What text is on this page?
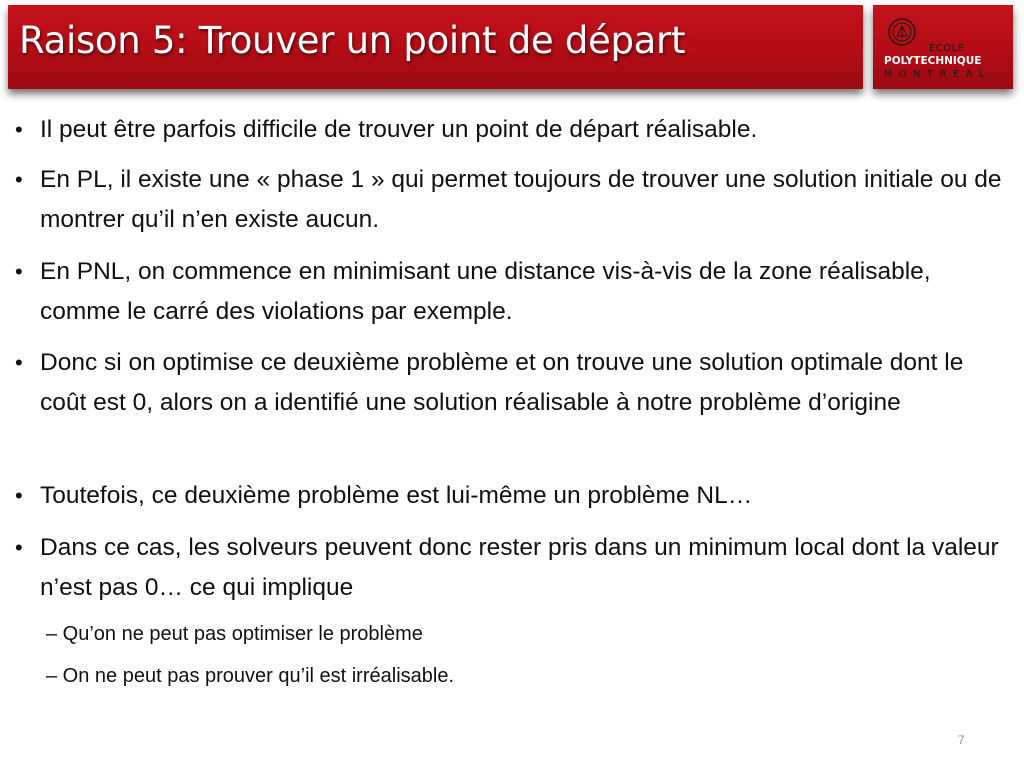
Raison 5: Trouver un point de départ	ÉCOLE
POLYTECHNIQUE
MONTRÉAL
• Il peut être parfois difficile de trouver un point de départ réalisable.
• En PL, il existe une « phase 1 » qui permet toujours de trouver une solution initiale ou de montrer qu’il n’en existe aucun.
• En PNL, on commence en minimisant une distance vis-à-vis de la zone réalisable, comme le carré des violations par exemple.
• Donc si on optimise ce deuxième problème et on trouve une solution optimale dont le coût est 0, alors on a identifié une solution réalisable à notre problème d’origine
• Toutefois, ce deuxième problème est lui-même un problème NL…
• Dans ce cas, les solveurs peuvent donc rester pris dans un minimum local dont la valeur n’est pas 0… ce qui implique
– Qu’on ne peut pas optimiser le problème
– On ne peut pas prouver qu’il est irréalisable.
7
